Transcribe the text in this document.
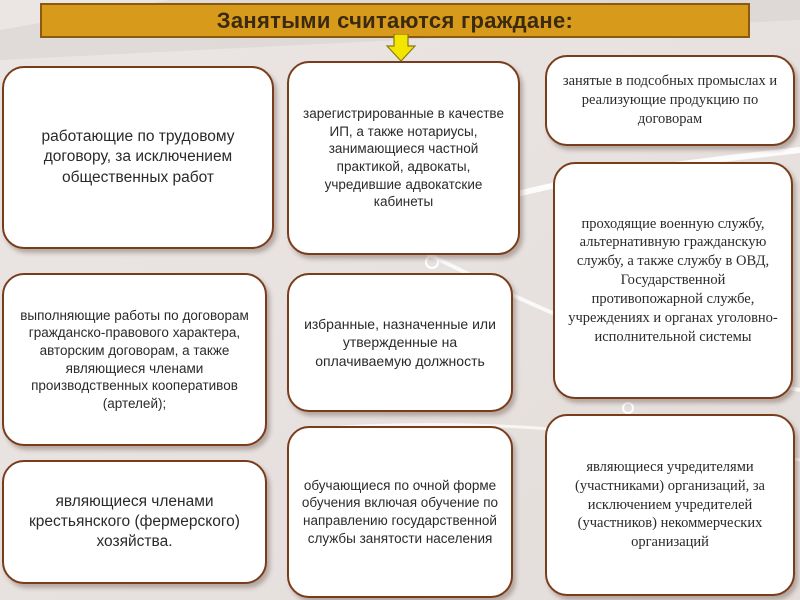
Занятыми считаются граждане:
работающие по трудовому договору, за исключением общественных работ
выполняющие работы по договорам гражданско-правового характера, авторским договорам, а также являющиеся членами производственных кооперативов (артелей);
являющиеся членами крестьянского (фермерского) хозяйства.
зарегистрированные в качестве ИП, а также нотариусы, занимающиеся частной практикой, адвокаты, учредившие адвокатские кабинеты
избранные, назначенные или утвержденные на оплачиваемую должность
обучающиеся по очной форме обучения включая обучение по направлению государственной службы занятости населения
занятые в подсобных промыслах и реализующие продукцию по договорам
проходящие военную службу, альтернативную гражданскую службу, а также службу в ОВД, Государственной противопожарной службе, учреждениях и органах уголовно-исполнительной системы
являющиеся учредителями (участниками) организаций, за исключением учредителей (участников) некоммерческих организаций
